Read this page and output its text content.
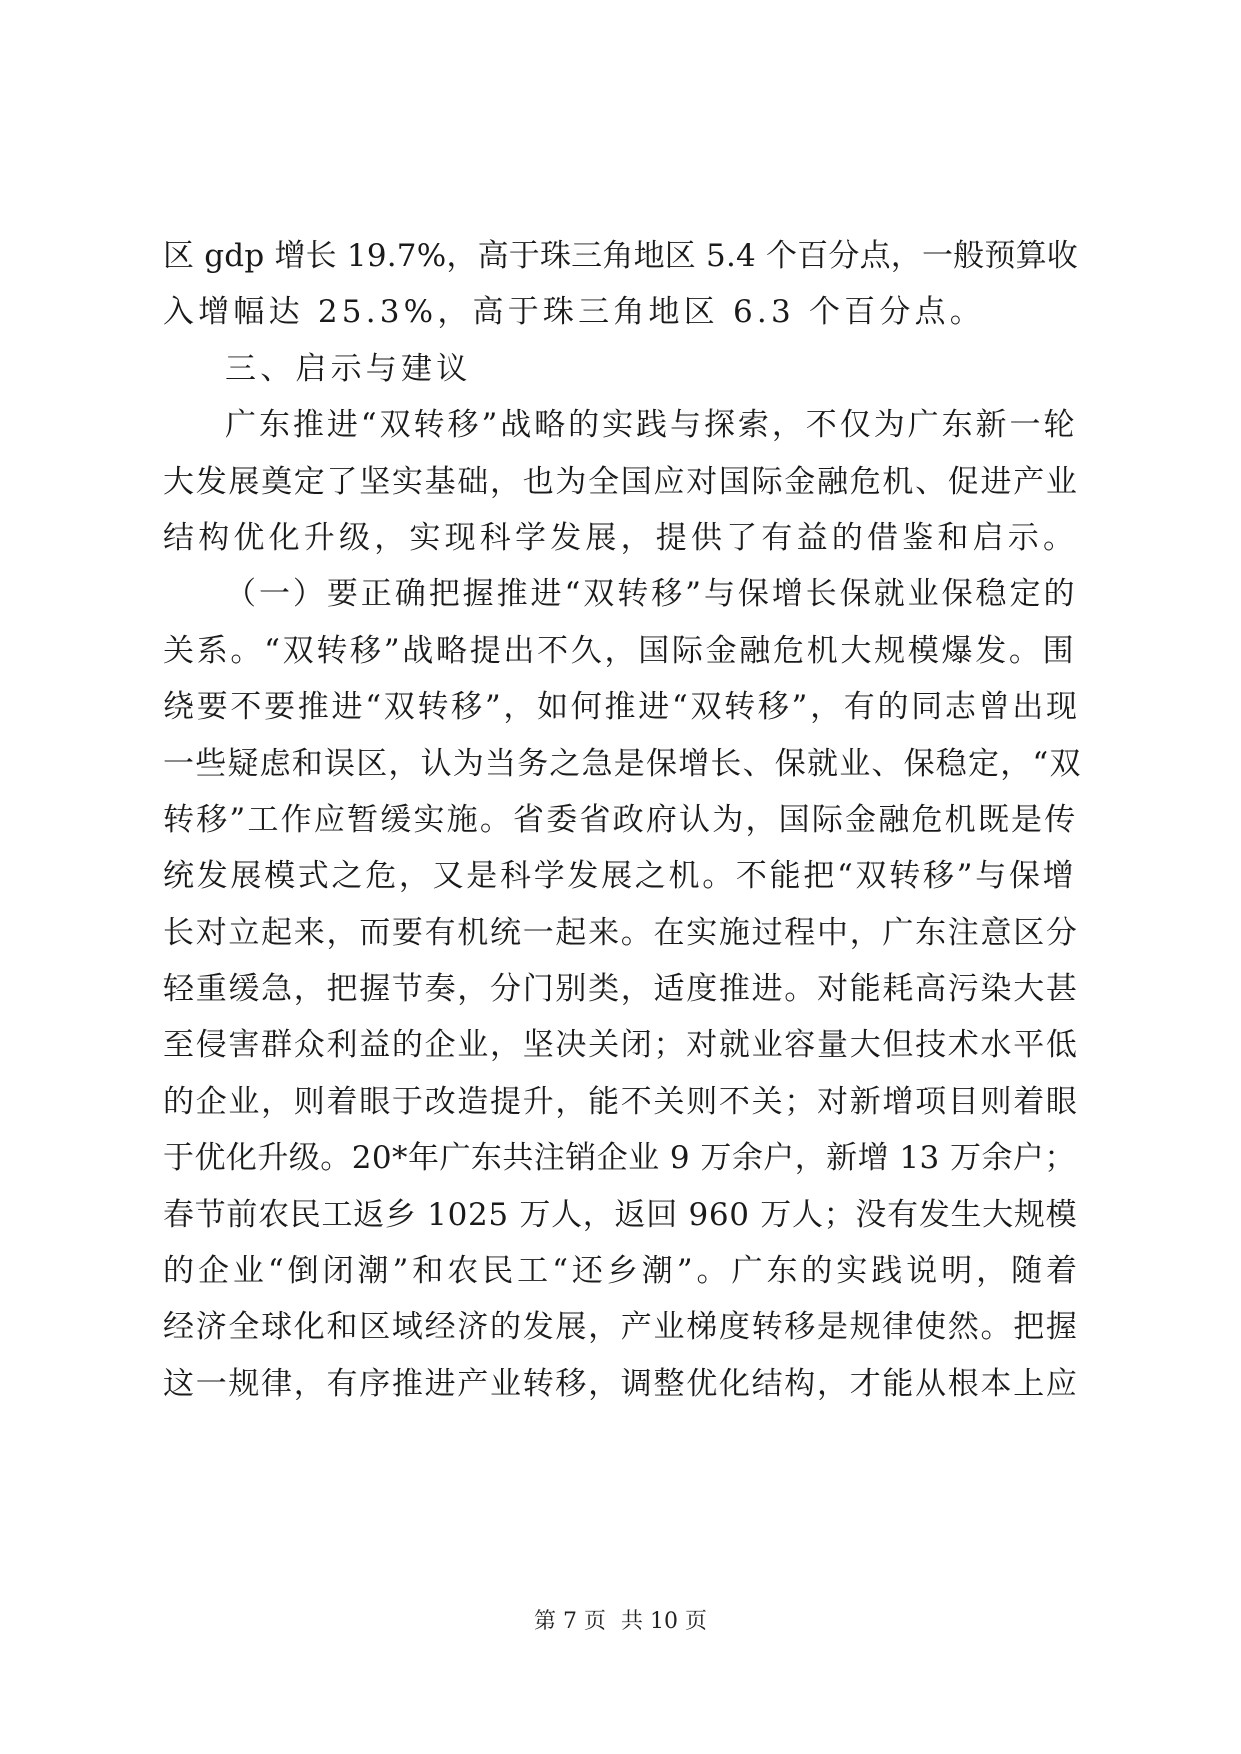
区 gdp 增长 19.7%，高于珠三角地区 5.4 个百分点，一般预算收
入增幅达 25.3%，高于珠三角地区 6.3 个百分点。
三、启示与建议
广东推进“双转移”战略的实践与探索，不仅为广东新一轮
大发展奠定了坚实基础，也为全国应对国际金融危机、促进产业
结构优化升级，实现科学发展，提供了有益的借鉴和启示。
（一）要正确把握推进“双转移”与保增长保就业保稳定的
关系。“双转移”战略提出不久，国际金融危机大规模爆发。围
绕要不要推进“双转移”，如何推进“双转移”，有的同志曾出现
一些疑虑和误区，认为当务之急是保增长、保就业、保稳定，“双
转移”工作应暂缓实施。省委省政府认为，国际金融危机既是传
统发展模式之危，又是科学发展之机。不能把“双转移”与保增
长对立起来，而要有机统一起来。在实施过程中，广东注意区分
轻重缓急，把握节奏，分门别类，适度推进。对能耗高污染大甚
至侵害群众利益的企业，坚决关闭；对就业容量大但技术水平低
的企业，则着眼于改造提升，能不关则不关；对新增项目则着眼
于优化升级。20*年广东共注销企业 9 万余户，新增 13 万余户；
春节前农民工返乡 1025 万人，返回 960 万人；没有发生大规模
的企业“倒闭潮”和农民工“还乡潮”。广东的实践说明，随着
经济全球化和区域经济的发展，产业梯度转移是规律使然。把握
这一规律，有序推进产业转移，调整优化结构，才能从根本上应
第 7 页 共 10 页
